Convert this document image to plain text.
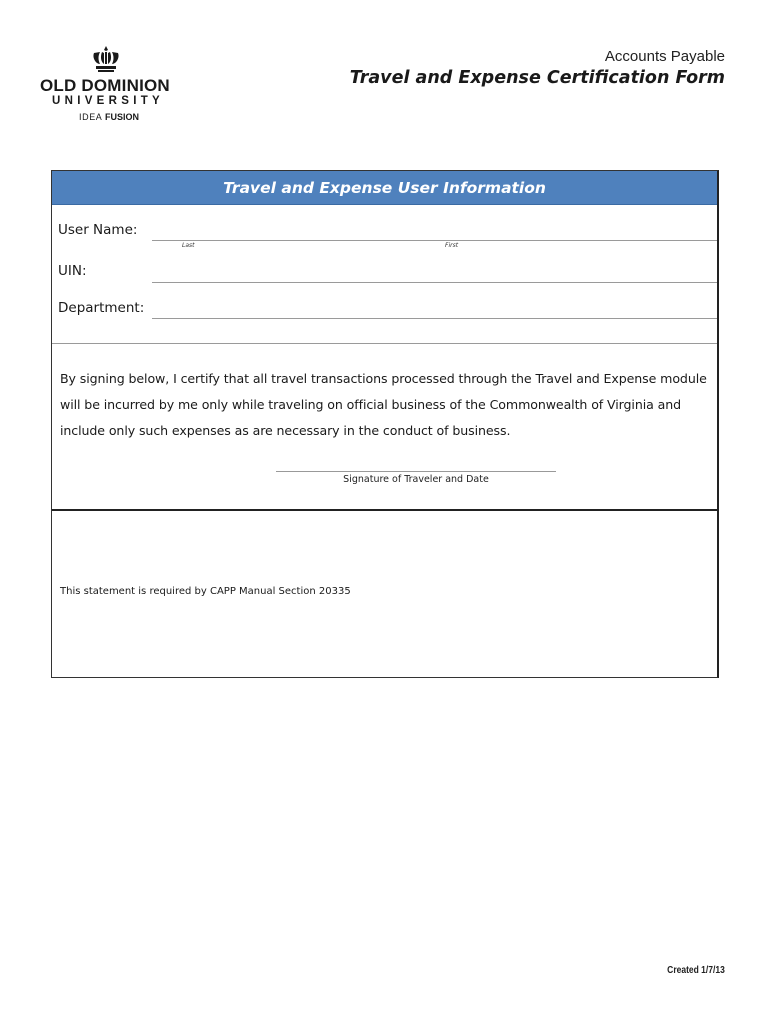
OLD DOMINION
UNIVERSITY
IDEA FUSION
Accounts Payable
Travel and Expense Certification Form
Travel and Expense User Information
User Name:
Last	First
UIN:
Department:
By signing below, I certify that all travel transactions processed through the Travel and Expense module will be incurred by me only while traveling on official business of the Commonwealth of Virginia and include only such expenses as are necessary in the conduct of business.
Signature of Traveler and Date
This statement is required by CAPP Manual Section 20335
Created 1/7/13
